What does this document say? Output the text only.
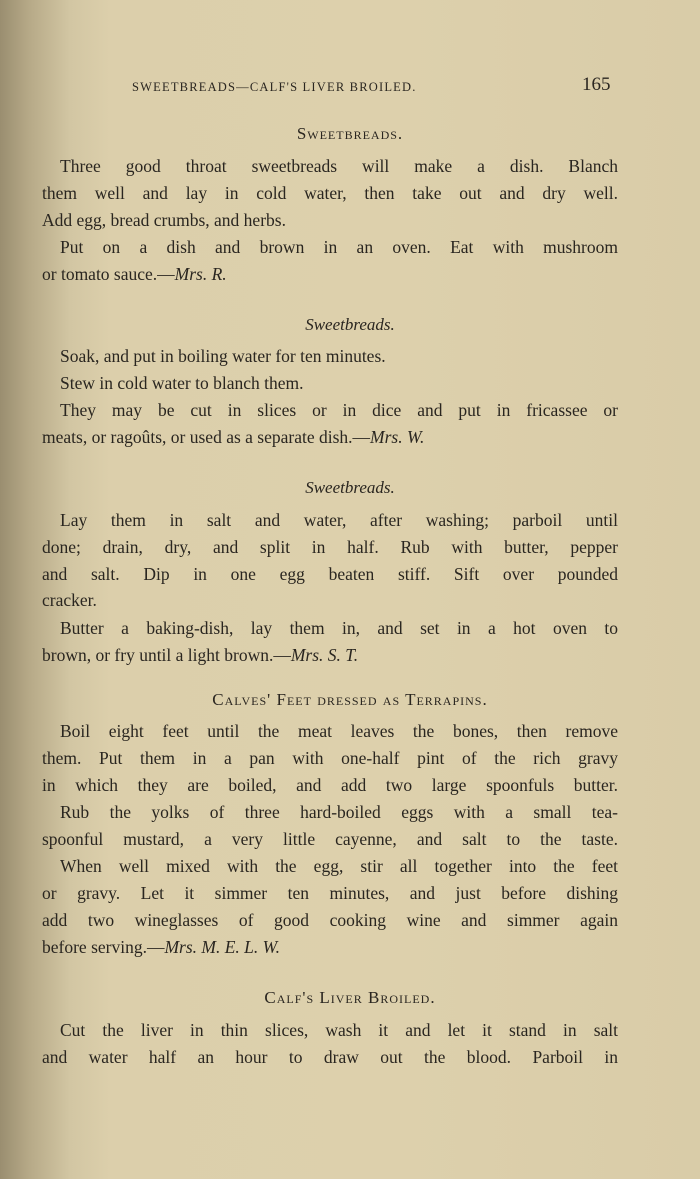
SWEETBREADS—CALF'S LIVER BROILED.	165
Sweetbreads.
Three good throat sweetbreads will make a dish. Blanch
them well and lay in cold water, then take out and dry well.
Add egg, bread crumbs, and herbs.
Put on a dish and brown in an oven. Eat with mushroom
or tomato sauce.—Mrs. R.
Sweetbreads.
Soak, and put in boiling water for ten minutes.
Stew in cold water to blanch them.
They may be cut in slices or in dice and put in fricassee or
meats, or ragoûts, or used as a separate dish.—Mrs. W.
Sweetbreads.
Lay them in salt and water, after washing; parboil until
done; drain, dry, and split in half. Rub with butter, pepper
and salt. Dip in one egg beaten stiff. Sift over pounded
cracker.
Butter a baking-dish, lay them in, and set in a hot oven to
brown, or fry until a light brown.—Mrs. S. T.
Calves' Feet dressed as Terrapins.
Boil eight feet until the meat leaves the bones, then remove
them. Put them in a pan with one-half pint of the rich gravy
in which they are boiled, and add two large spoonfuls butter.
Rub the yolks of three hard-boiled eggs with a small tea-
spoonful mustard, a very little cayenne, and salt to the taste.
When well mixed with the egg, stir all together into the feet
or gravy. Let it simmer ten minutes, and just before dishing
add two wineglasses of good cooking wine and simmer again
before serving.—Mrs. M. E. L. W.
Calf's Liver Broiled.
Cut the liver in thin slices, wash it and let it stand in salt
and water half an hour to draw out the blood. Parboil in
